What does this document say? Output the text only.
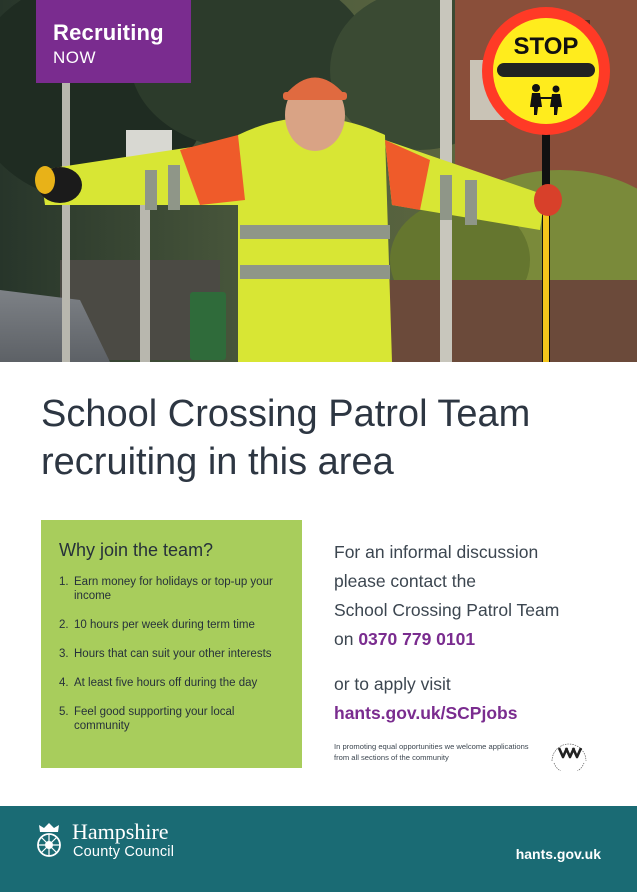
STOP
Recruiting
NOW
School Crossing Patrol Team
recruiting in this area
Why join the team?
1. Earn money for holidays or top-up your income
2. 10 hours per week during term time
3. Hours that can suit your other interests
4. At least five hours off during the day
5. Feel good supporting your local community
For an informal discussion
please contact the
School Crossing Patrol Team
on 0370 779 0101
or to apply visit
hants.gov.uk/SCPjobs
In promoting equal opportunities we welcome applications from all sections of the community
Hampshire
County Council	hants.gov.uk
